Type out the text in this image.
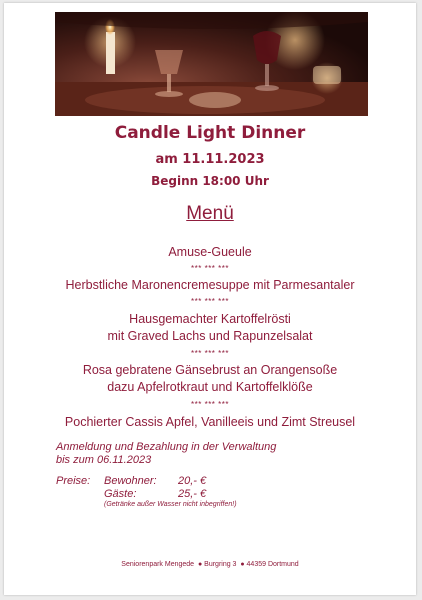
Candle Light Dinner
am 11.11.2023
Beginn 18:00 Uhr
Menü
Amuse-Gueule
*** *** ***
Herbstliche Maronencremesuppe mit Parmesantaler
*** *** ***
Hausgemachter Kartoffelrösti
mit Graved Lachs und Rapunzelsalat
*** *** ***
Rosa gebratene Gänsebrust an Orangensoße
dazu Apfelrotkraut und Kartoffelklöße
*** *** ***
Pochierter Cassis Apfel, Vanilleeis und Zimt Streusel
Anmeldung und Bezahlung in der Verwaltung
bis zum 06.11.2023
Preise: Bewohner: 20,- €
Gäste:	25,- €
(Getränke außer Wasser nicht inbegriffen!)
Seniorenpark Mengede ● Burgring 3 ● 44359 Dortmund
